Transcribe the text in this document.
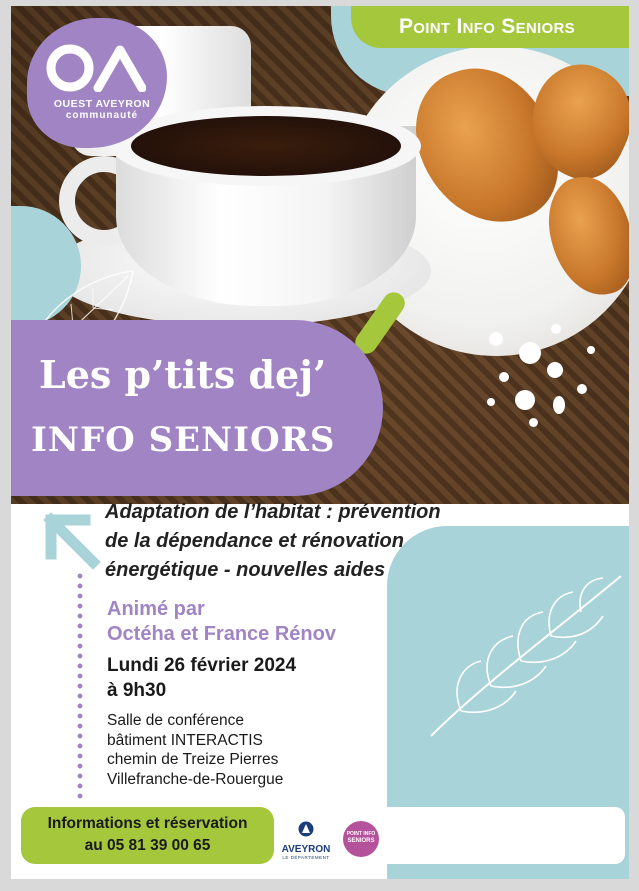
Point Info Seniors
OUEST AVEYRON
communauté
Les p’tits dej’
INFO SENIORS
Adaptation de l’habitat : prévention
de la dépendance et rénovation
énergétique - nouvelles aides
Animé par
Octéha et France Rénov
Lundi 26 février 2024
à 9h30
Salle de conférence
bâtiment INTERACTIS
chemin de Treize Pierres
Villefranche-de-Rouergue
Informations et réservation
au 05 81 39 00 65	AVEYRON
LE DÉPARTEMENT
POINT INFO
SENIORS
